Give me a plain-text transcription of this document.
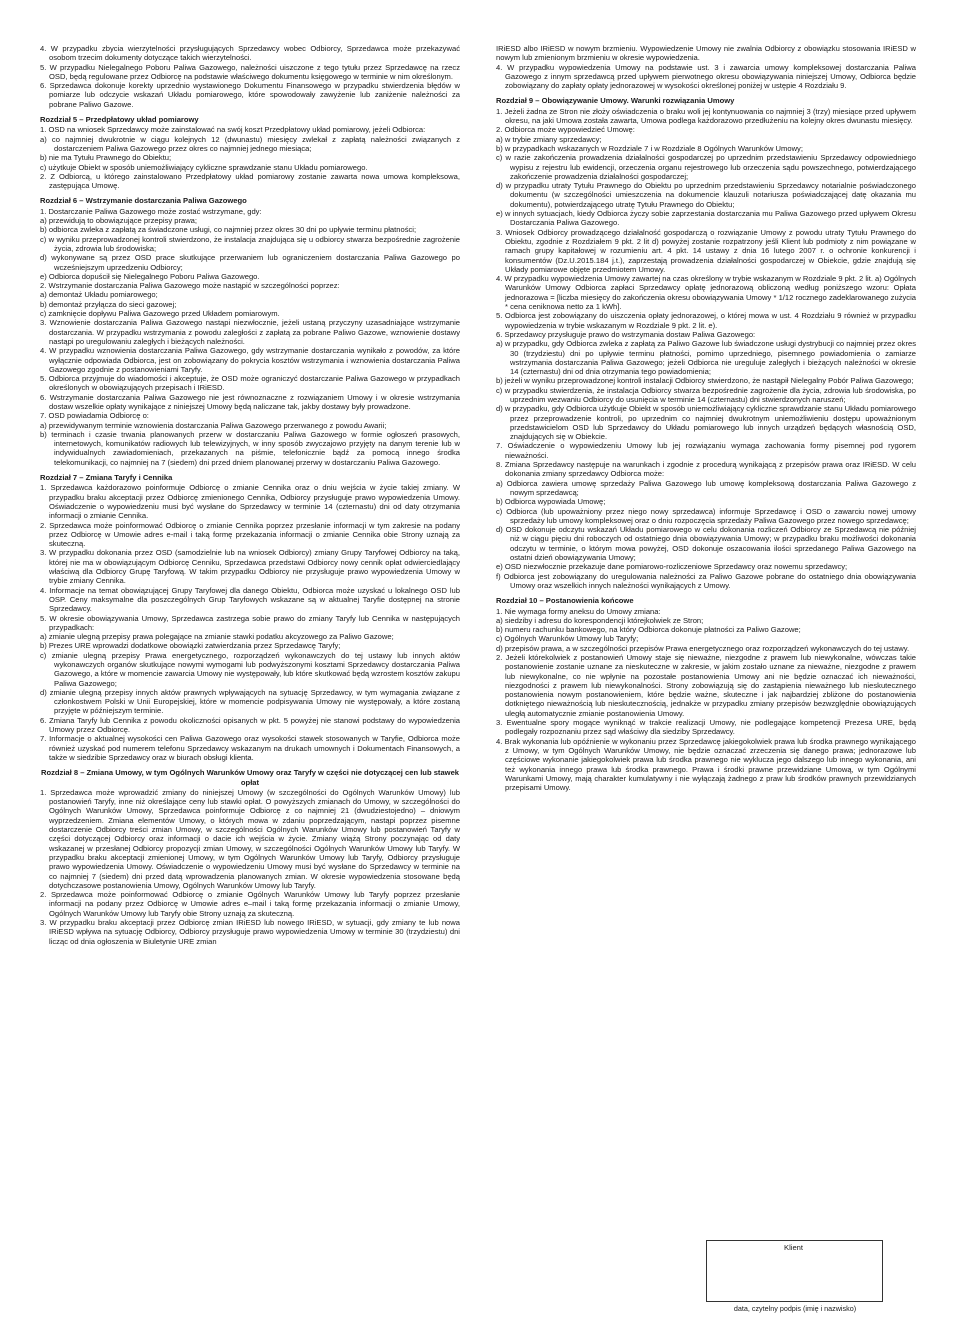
4. W przypadku zbycia wierzytelności przysługujących Sprzedawcy wobec Odbiorcy, Sprzedawca może przekazywać osobom trzecim dokumenty dotyczące takich wierzytelności.

5. W przypadku Nielegalnego Poboru Paliwa Gazowego, należności uiszczone z tego tytułu przez Sprzedawcę na rzecz OSD, będą regulowane przez Odbiorcę na podstawie właściwego dokumentu księgowego w terminie w nim określonym.

6. Sprzedawca dokonuje korekty uprzednio wystawionego Dokumentu Finansowego w przypadku stwierdzenia błędów w pomiarze lub odczycie wskazań Układu pomiarowego, które spowodowały zawyżenie lub zaniżenie należności za pobrane Paliwo Gazowe.

Rozdział 5 – Przedpłatowy układ pomiarowy

1. OSD na wniosek Sprzedawcy może zainstalować na swój koszt Przedpłatowy układ pomiarowy, jeżeli Odbiorca:

a) co najmniej dwukrotnie w ciągu kolejnych 12 (dwunastu) miesięcy zwlekał z zapłatą należności związanych z dostarczeniem Paliwa Gazowego przez okres co najmniej jednego miesiąca;

b) nie ma Tytułu Prawnego do Obiektu;

c) użytkuje Obiekt w sposób uniemożliwiający cykliczne sprawdzanie stanu Układu pomiarowego.

2. Z Odbiorcą, u którego zainstalowano Przedpłatowy układ pomiarowy zostanie zawarta nowa umowa kompleksowa, zastępująca Umowę.

Rozdział 6 – Wstrzymanie dostarczania Paliwa Gazowego

1. Dostarczanie Paliwa Gazowego może zostać wstrzymane, gdy:

a) przewidują to obowiązujące przepisy prawa;

b) odbiorca zwleka z zapłatą za świadczone usługi, co najmniej przez okres 30 dni po upływie terminu płatności;

c) w wyniku przeprowadzonej kontroli stwierdzono, że instalacja znajdująca się u odbiorcy stwarza bezpośrednie zagrożenie życia, zdrowia lub środowiska;

d) wykonywane są przez OSD prace skutkujące przerwaniem lub ograniczeniem dostarczania Paliwa Gazowego po wcześniejszym uprzedzeniu Odbiorcy;

e) Odbiorca dopuścił się Nielegalnego Poboru Paliwa Gazowego.

2. Wstrzymanie dostarczania Paliwa Gazowego może nastąpić w szczególności poprzez:

a) demontaż Układu pomiarowego;

b) demontaż przyłącza do sieci gazowej;

c) zamknięcie dopływu Paliwa Gazowego przed Układem pomiarowym.

3. Wznowienie dostarczania Paliwa Gazowego nastąpi niezwłocznie, jeżeli ustaną przyczyny uzasadniające wstrzymanie dostarczania. W przypadku wstrzymania z powodu zaległości z zapłatą za pobrane Paliwo Gazowe, wznowienie dostawy nastąpi po uregulowaniu zaległych i bieżących należności.

4. W przypadku wznowienia dostarczania Paliwa Gazowego, gdy wstrzymanie dostarczania wynikało z powodów, za które wyłącznie odpowiada Odbiorca, jest on zobowiązany do pokrycia kosztów wstrzymania i wznowienia dostarczania Paliwa Gazowego zgodnie z postanowieniami Taryfy.

5. Odbiorca przyjmuje do wiadomości i akceptuje, że OSD może ograniczyć dostarczanie Paliwa Gazowego w przypadkach określonych w obowiązujących przepisach i IRiESD.

6. Wstrzymanie dostarczania Paliwa Gazowego nie jest równoznaczne z rozwiązaniem Umowy i w okresie wstrzymania dostaw wszelkie opłaty wynikające z niniejszej Umowy będą naliczane tak, jakby dostawy były prowadzone.

7. OSD powiadamia Odbiorcę o:

a) przewidywanym terminie wznowienia dostarczania Paliwa Gazowego przerwanego z powodu Awarii;

b) terminach i czasie trwania planowanych przerw w dostarczaniu Paliwa Gazowego w formie ogłoszeń prasowych, internetowych, komunikatów radiowych lub telewizyjnych, w inny sposób zwyczajowo przyjęty na danym terenie lub w indywidualnych zawiadomieniach, przekazanych na piśmie, telefonicznie bądź za pomocą innego środka telekomunikacji, co najmniej na 7 (siedem) dni przed dniem planowanej przerwy w dostarczaniu Paliwa Gazowego.

Rozdział 7 – Zmiana Taryfy i Cennika

1. Sprzedawca każdorazowo poinformuje Odbiorcę o zmianie Cennika oraz o dniu wejścia w życie takiej zmiany. W przypadku braku akceptacji przez Odbiorcę zmienionego Cennika, Odbiorcy przysługuje prawo wypowiedzenia Umowy. Oświadczenie o wypowiedzeniu musi być wysłane do Sprzedawcy w terminie 14 (czternastu) dni od daty otrzymania informacji o zmianie Cennika.

2. Sprzedawca może poinformować Odbiorcę o zmianie Cennika poprzez przesłanie informacji w tym zakresie na podany przez Odbiorcę w Umowie adres e-mail i taką formę przekazania informacji o zmianie Cennika obie Strony uznają za skuteczną.

3. W przypadku dokonania przez OSD (samodzielnie lub na wniosek Odbiorcy) zmiany Grupy Taryfowej Odbiorcy na taką, której nie ma w obowiązującym Odbiorcę Cenniku, Sprzedawca przedstawi Odbiorcy nowy cennik opłat odwierciedlający właściwą dla Odbiorcy Grupę Taryfową. W takim przypadku Odbiorcy nie przysługuje prawo wypowiedzenia Umowy w trybie zmiany Cennika.

4. Informacje na temat obowiązującej Grupy Taryfowej dla danego Obiektu, Odbiorca może uzyskać u lokalnego OSD lub OSP. Ceny maksymalne dla poszczególnych Grup Taryfowych wskazane są w aktualnej Taryfie dostępnej na stronie Sprzedawcy.

5. W okresie obowiązywania Umowy, Sprzedawca zastrzega sobie prawo do zmiany Taryfy lub Cennika w następujących przypadkach:

a) zmianie ulegną przepisy prawa polegające na zmianie stawki podatku akcyzowego za Paliwo Gazowe;

b) Prezes URE wprowadzi dodatkowe obowiązki zatwierdzania przez Sprzedawcę Taryfy;

c) zmianie ulegną przepisy Prawa energetycznego, rozporządzeń wykonawczych do tej ustawy lub innych aktów wykonawczych organów skutkujące nowymi wymogami lub podwyższonymi kosztami Sprzedawcy dostarczania Paliwa Gazowego, a które w momencie zawarcia Umowy nie występowały, lub które skutkować będą wzrostem kosztów zakupu Paliwa Gazowego;

d) zmianie ulegną przepisy innych aktów prawnych wpływających na sytuację Sprzedawcy, w tym wymagania związane z członkostwem Polski w Unii Europejskiej, które w momencie podpisywania Umowy nie występowały, a które zostaną przyjęte w późniejszym terminie.

6. Zmiana Taryfy lub Cennika z powodu okoliczności opisanych w pkt. 5 powyżej nie stanowi podstawy do wypowiedzenia Umowy przez Odbiorcę.

7. Informacje o aktualnej wysokości cen Paliwa Gazowego oraz wysokości stawek stosowanych w Taryfie, Odbiorca może również uzyskać pod numerem telefonu Sprzedawcy wskazanym na drukach umownych i Dokumentach Finansowych, a także w siedzibie Sprzedawcy oraz w biurach obsługi klienta.

Rozdział 8 – Zmiana Umowy, w tym Ogólnych Warunków Umowy oraz Taryfy w części nie dotyczącej cen lub stawek opłat

1. Sprzedawca może wprowadzić zmiany do niniejszej Umowy (w szczególności do Ogólnych Warunków Umowy) lub postanowień Taryfy, inne niż określające ceny lub stawki opłat. O powyższych zmianach do Umowy, w szczególności do Ogólnych Warunków Umowy, Sprzedawca poinformuje Odbiorcę z co najmniej 21 (dwudziestojedno) – dniowym wyprzedzeniem. Zmiana elementów Umowy, o których mowa w zdaniu poprzedzającym, nastąpi poprzez pisemne dostarczenie Odbiorcy treści zmian Umowy, w szczególności Ogólnych Warunków Umowy lub postanowień Taryfy w części dotyczącej Odbiorcy oraz informacji o dacie ich wejścia w życie. Zmiany wiążą Strony poczynając od daty wskazanej w przesłanej Odbiorcy propozycji zmian Umowy, w szczególności Ogólnych Warunków Umowy lub Taryfy. W przypadku braku akceptacji zmienionej Umowy, w tym Ogólnych Warunków Umowy lub Taryfy, Odbiorcy przysługuje prawo wypowiedzenia Umowy. Oświadczenie o wypowiedzeniu Umowy musi być wysłane do Sprzedawcy w terminie na co najmniej 7 (siedem) dni przed datą wprowadzenia planowanych zmian. W okresie wypowiedzenia stosowane będą dotychczasowe postanowienia Umowy, Ogólnych Warunków Umowy lub Taryfy.

2. Sprzedawca może poinformować Odbiorcę o zmianie Ogólnych Warunków Umowy lub Taryfy poprzez przesłanie informacji na podany przez Odbiorcę w Umowie adres e–mail i taką formę przekazania informacji o zmianie Umowy, Ogólnych Warunków Umowy lub Taryfy obie Strony uznają za skuteczną.

3. W przypadku braku akceptacji przez Odbiorcę zmian IRiESD lub nowego IRiESD, w sytuacji, gdy zmiany te lub nowa IRiESD wpływa na sytuację Odbiorcy, Odbiorcy przysługuje prawo wypowiedzenia Umowy w terminie 30 (trzydziestu) dni licząc od dnia ogłoszenia w Biuletynie URE zmian

IRiESD albo IRiESD w nowym brzmieniu. Wypowiedzenie Umowy nie zwalnia Odbiorcy z obowiązku stosowania IRiESD w nowym lub zmienionym brzmieniu w okresie wypowiedzenia.

4. W przypadku wypowiedzenia Umowy na podstawie ust. 3 i zawarcia umowy kompleksowej dostarczania Paliwa Gazowego z innym sprzedawcą przed upływem pierwotnego okresu obowiązywania niniejszej Umowy, Odbiorca będzie zobowiązany do zapłaty opłaty jednorazowej w wysokości określonej poniżej w ustępie 4 Rozdziału 9.

Rozdział 9 – Obowiązywanie Umowy. Warunki rozwiązania Umowy

1. Jeżeli żadna ze Stron nie złoży oświadczenia o braku woli jej kontynuowania co najmniej 3 (trzy) miesiące przed upływem okresu, na jaki Umowa została zawarta, Umowa podlega każdorazowo przedłużeniu na kolejny okres dwunastu miesięcy.

2. Odbiorca może wypowiedzieć Umowę:

a) w trybie zmiany sprzedawcy;

b) w przypadkach wskazanych w Rozdziale 7 i w Rozdziale 8 Ogólnych Warunków Umowy;

c) w razie zakończenia prowadzenia działalności gospodarczej po uprzednim przedstawieniu Sprzedawcy odpowiedniego wypisu z rejestru lub ewidencji, orzeczenia organu rejestrowego lub orzeczenia sądu powszechnego, potwierdzającego zakończenie prowadzenia działalności gospodarczej;

d) w przypadku utraty Tytułu Prawnego do Obiektu po uprzednim przedstawieniu Sprzedawcy notarialnie poświadczonego dokumentu (w szczególności umieszczenia na dokumencie klauzuli notariusza poświadczającej datę okazania mu dokumentu), potwierdzającego utratę Tytułu Prawnego do Obiektu;

e) w innych sytuacjach, kiedy Odbiorca życzy sobie zaprzestania dostarczania mu Paliwa Gazowego przed upływem Okresu Dostarczania Paliwa Gazowego.

3. Wniosek Odbiorcy prowadzącego działalność gospodarczą o rozwiązanie Umowy z powodu utraty Tytułu Prawnego do Obiektu, zgodnie z Rozdziałem 9 pkt. 2 lit d) powyżej zostanie rozpatrzony jeśli Klient lub podmioty z nim powiązane w ramach grupy kapitałowej w rozumieniu art. 4 pkt. 14 ustawy z dnia 16 lutego 2007 r. o ochronie konkurencji i konsumentów (Dz.U.2015.184 j.t.), zaprzestają prowadzenia działalności gospodarczej w Obiekcie, gdzie znajdują się Układy pomiarowe objęte przedmiotem Umowy.

4. W przypadku wypowiedzenia Umowy zawartej na czas określony w trybie wskazanym w Rozdziale 9 pkt. 2 lit. a) Ogólnych Warunków Umowy Odbiorca zapłaci Sprzedawcy opłatę jednorazową obliczoną według poniższego wzoru: Opłata jednorazowa = [liczba miesięcy do zakończenia okresu obowiązywania Umowy * 1/12 rocznego zadeklarowanego zużycia * cena ceniknowa netto za 1 kWh].

5. Odbiorca jest zobowiązany do uiszczenia opłaty jednorazowej, o której mowa w ust. 4 Rozdziału 9 również w przypadku wypowiedzenia w trybie wskazanym w Rozdziale 9 pkt. 2 lit. e).

6. Sprzedawcy przysługuje prawo do wstrzymania dostaw Paliwa Gazowego:

a) w przypadku, gdy Odbiorca zwleka z zapłatą za Paliwo Gazowe lub świadczone usługi dystrybucji co najmniej przez okres 30 (trzydziestu) dni po upływie terminu płatności, pomimo uprzedniego, pisemnego powiadomienia o zamiarze wstrzymania dostarczania Paliwa Gazowego; jeżeli Odbiorca nie ureguluje zaległych i bieżących należności w okresie 14 (czternastu) dni od dnia otrzymania tego powiadomienia;

b) jeżeli w wyniku przeprowadzonej kontroli instalacji Odbiorcy stwierdzono, że nastąpił Nielegalny Pobór Paliwa Gazowego;

c) w przypadku stwierdzenia, że instalacja Odbiorcy stwarza bezpośrednie zagrożenie dla życia, zdrowia lub środowiska, po uprzednim wezwaniu Odbiorcy do usunięcia w terminie 14 (czternastu) dni stwierdzonych naruszeń;

d) w przypadku, gdy Odbiorca użytkuje Obiekt w sposób uniemożliwiający cykliczne sprawdzanie stanu Układu pomiarowego przez przeprowadzenie kontroli, po uprzednim co najmniej dwukrotnym uniemożliwieniu dostępu upoważnionym przedstawicielom OSD lub Sprzedawcy do Układu pomiarowego lub innych urządzeń będących własnością OSD, znajdujących się w Obiekcie.

7. Oświadczenie o wypowiedzeniu Umowy lub jej rozwiązaniu wymaga zachowania formy pisemnej pod rygorem nieważności.

8. Zmiana Sprzedawcy następuje na warunkach i zgodnie z procedurą wynikającą z przepisów prawa oraz IRiESD. W celu dokonania zmiany sprzedawcy Odbiorca może:

a) Odbiorca zawiera umowę sprzedaży Paliwa Gazowego lub umowę kompleksową dostarczania Paliwa Gazowego z nowym sprzedawcą;

b) Odbiorca wypowiada Umowę;

c) Odbiorca (lub upoważniony przez niego nowy sprzedawca) informuje Sprzedawcę i OSD o zawarciu nowej umowy sprzedaży lub umowy kompleksowej oraz o dniu rozpoczęcia sprzedaży Paliwa Gazowego przez nowego sprzedawcę;

d) OSD dokonuje odczytu wskazań Układu pomiarowego w celu dokonania rozliczeń Odbiorcy ze Sprzedawcą nie później niż w ciągu pięciu dni roboczych od ostatniego dnia obowiązywania Umowy; w przypadku braku możliwości dokonania odczytu w terminie, o którym mowa powyżej, OSD dokonuje oszacowania ilości sprzedanego Paliwa Gazowego na ostatni dzień obowiązywania Umowy;

e) OSD niezwłocznie przekazuje dane pomiarowo-rozliczeniowe Sprzedawcy oraz nowemu sprzedawcy;

f) Odbiorca jest zobowiązany do uregulowania należności za Paliwo Gazowe pobrane do ostatniego dnia obowiązywania Umowy oraz wszelkich innych należności wynikających z Umowy.

Rozdział 10 – Postanowienia końcowe

1. Nie wymaga formy aneksu do Umowy zmiana:

a) siedziby i adresu do korespondencji którejkolwiek ze Stron;

b) numeru rachunku bankowego, na który Odbiorca dokonuje płatności za Paliwo Gazowe;

c) Ogólnych Warunków Umowy lub Taryfy;

d) przepisów prawa, a w szczególności przepisów Prawa energetycznego oraz rozporządzeń wykonawczych do tej ustawy.

2. Jeżeli którekolwiek z postanowień Umowy staje się nieważne, niezgodne z prawem lub niewykonalne, wówczas takie postanowienie zostanie uznane za nieskuteczne w zakresie, w jakim zostało uznane za nieważne, niezgodne z prawem lub niewykonalne, co nie wpłynie na pozostałe postanowienia Umowy ani nie będzie oznaczać ich nieważności, niezgodności z prawem lub niewykonalności. Strony zobowiązują się do zastąpienia nieważnego lub nieskutecznego postanowienia nowym postanowieniem, które będzie ważne, skuteczne i jak najbardziej zbliżone do postanowienia dotkniętego nieważnością lub nieskutecznością, jednakże w przypadku zmiany przepisów bezwzględnie obowiązujących uległą automatycznie zmianie postanowienia Umowy.

3. Ewentualne spory mogące wyniknąć w trakcie realizacji Umowy, nie podlegające kompetencji Prezesa URE, będą podlegały rozpoznaniu przez sąd właściwy dla siedziby Sprzedawcy.

4. Brak wykonania lub opóźnienie w wykonaniu przez Sprzedawcę jakiegokolwiek prawa lub środka prawnego wynikającego z Umowy, w tym Ogólnych Warunków Umowy, nie będzie oznaczać zrzeczenia się danego prawa; jednorazowe lub częściowe wykonanie jakiegokolwiek prawa lub środka prawnego nie wyklucza jego dalszego lub innego wykonania, ani też wykonania innego prawa lub środka prawnego. Prawa i środki prawne przewidziane Umową, w tym Ogólnymi Warunkami Umowy, mają charakter kumulatywny i nie wyłączają żadnego z praw lub środków prawnych przewidzianych przepisami Umowy.

Klient
data, czytelny podpis (imię i nazwisko)
